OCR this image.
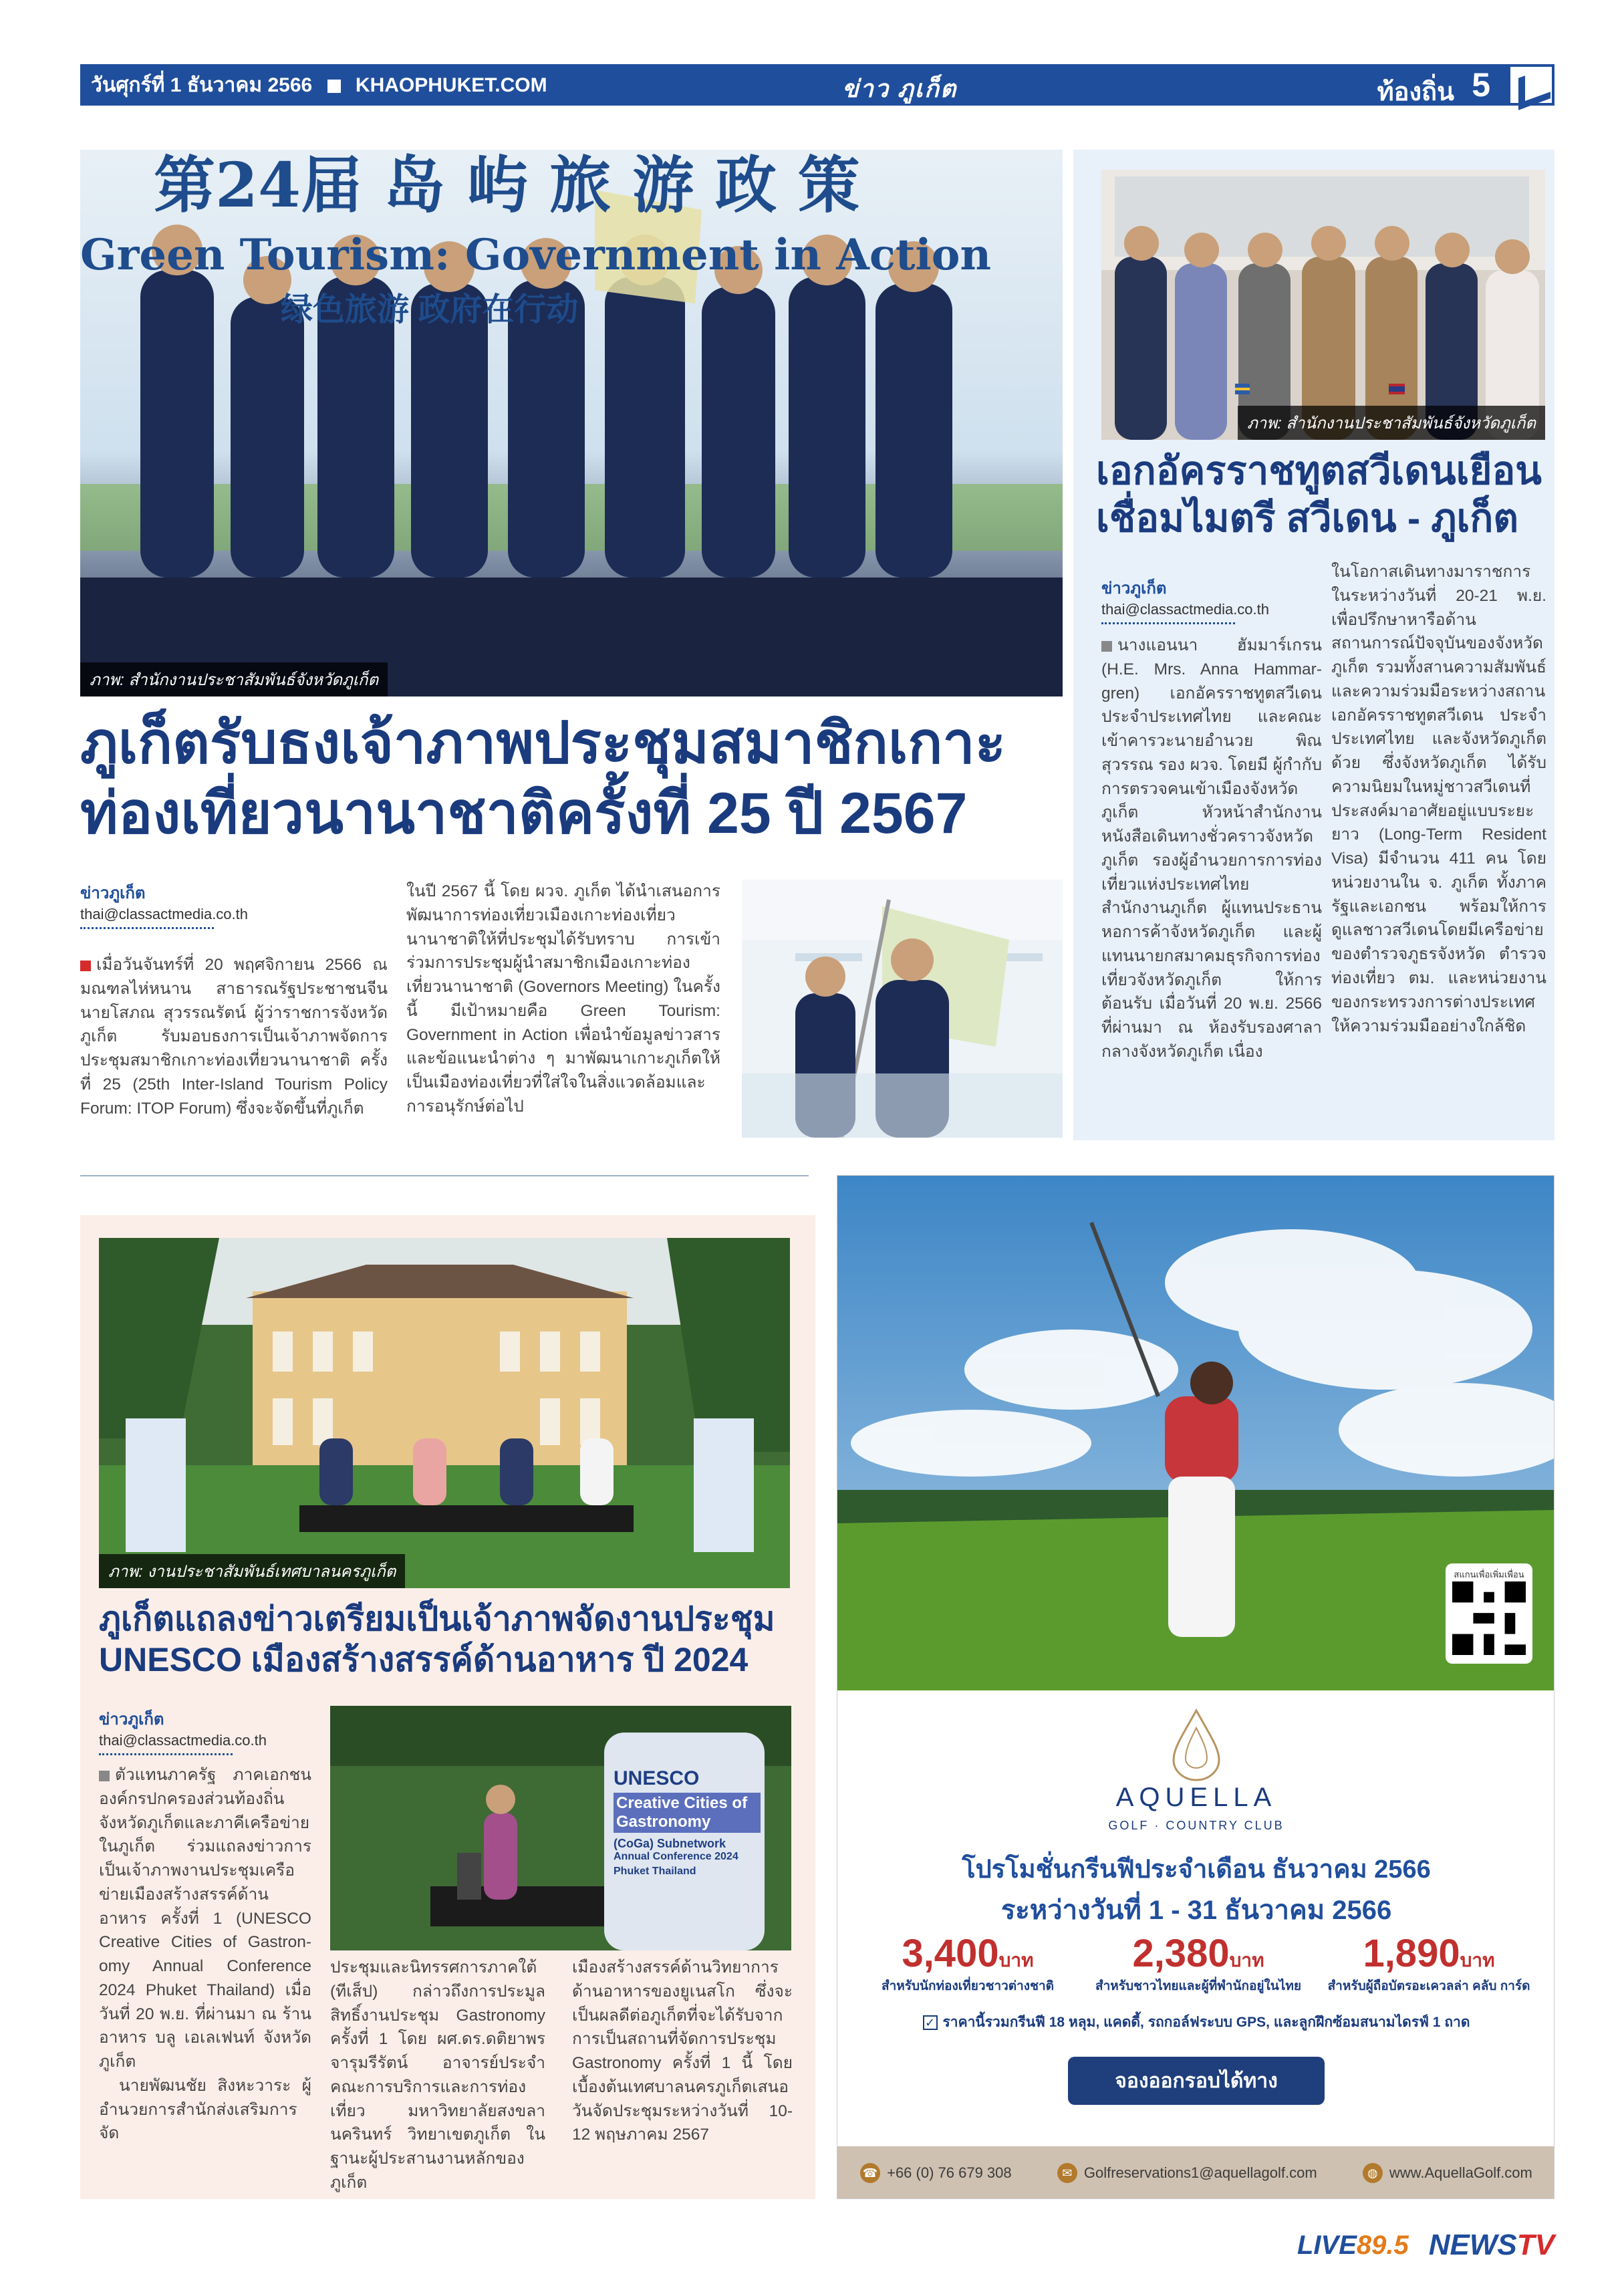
วันศุกร์ที่ 1 ธันวาคม 2566 KHAOPHUKET.COM	ข่าว ภูเก็ต	ท้องถิ่น 5
第24届 岛 屿 旅 游 政 策
Green Tourism: Government in Action
绿色旅游 政府在行动
ภาพ: สำนักงานประชาสัมพันธ์จังหวัดภูเก็ต
ภูเก็ตรับธงเจ้าภาพประชุมสมาชิกเกาะ
ท่องเที่ยวนานาชาติครั้งที่ 25 ปี 2567
ข่าวภูเก็ต
thai@classactmedia.co.th

เมื่อวันจันทร์ที่ 20 พฤศจิกายน 2566 ณ มณฑลไห่หนาน สาธารณรัฐประชาชนจีน นายโสภณ สุวรรณรัตน์ ผู้ว่าราชการจังหวัดภูเก็ต รับมอบธงการเป็นเจ้าภาพจัดการประชุมสมาชิกเกาะท่องเที่ยวนานาชาติ ครั้งที่ 25 (25th Inter-Island Tourism Policy Forum: ITOP Forum) ซึ่งจะจัดขึ้นที่ภูเก็ต

ในปี 2567 นี้ โดย ผวจ. ภูเก็ต ได้นำเสนอการพัฒนาการท่องเที่ยวเมืองเกาะท่องเที่ยวนานาชาติให้ที่ประชุมได้รับทราบ การเข้าร่วมการประชุมผู้นำสมาชิกเมืองเกาะท่องเที่ยวนานาชาติ (Governors Meeting) ในครั้งนี้ มีเป้าหมายคือ Green Tourism: Government in Action เพื่อนำข้อมูลข่าวสารและข้อแนะนำต่าง ๆ มาพัฒนาเกาะภูเก็ตให้เป็นเมืองท่องเที่ยวที่ใส่ใจในสิ่งแวดล้อมและการอนุรักษ์ต่อไป

ภาพ: สำนักงานประชาสัมพันธ์จังหวัดภูเก็ต
เอกอัครราชทูตสวีเดนเยือน
เชื่อมไมตรี สวีเดน - ภูเก็ต
ข่าวภูเก็ต
thai@classactmedia.co.th

นางแอนนา ฮัมมาร์เกรน (H.E. Mrs. Anna Hammar-gren) เอกอัครราชทูตสวีเดนประจำประเทศไทย และคณะ เข้าคารวะนายอำนวย พิณสุวรรณ รอง ผวจ. โดยมี ผู้กำกับการตรวจคนเข้าเมืองจังหวัดภูเก็ต หัวหน้าสำนักงานหนังสือเดินทางชั่วคราวจังหวัดภูเก็ต รองผู้อำนวยการการท่องเที่ยวแห่งประเทศไทย สำนักงานภูเก็ต ผู้แทนประธานหอการค้าจังหวัดภูเก็ต และผู้แทนนายกสมาคมธุรกิจการท่องเที่ยวจังหวัดภูเก็ต ให้การต้อนรับ เมื่อวันที่ 20 พ.ย. 2566 ที่ผ่านมา ณ ห้องรับรองศาลากลางจังหวัดภูเก็ต เนื่อง

ในโอกาสเดินทางมาราชการในระหว่างวันที่ 20-21 พ.ย. เพื่อปรึกษาหารือด้านสถานการณ์ปัจจุบันของจังหวัดภูเก็ต รวมทั้งสานความสัมพันธ์และความร่วมมือระหว่างสถานเอกอัครราชทูตสวีเดน ประจำประเทศไทย และจังหวัดภูเก็ตด้วย ซึ่งจังหวัดภูเก็ต ได้รับความนิยมในหมู่ชาวสวีเดนที่ประสงค์มาอาศัยอยู่แบบระยะยาว (Long-Term Resident Visa) มีจำนวน 411 คน โดยหน่วยงานใน จ. ภูเก็ต ทั้งภาครัฐและเอกชน พร้อมให้การดูแลชาวสวีเดนโดยมีเครือข่ายของตำรวจภูธรจังหวัด ตำรวจท่องเที่ยว ตม. และหน่วยงานของกระทรวงการต่างประเทศให้ความร่วมมืออย่างใกล้ชิด

ภาพ: งานประชาสัมพันธ์เทศบาลนครภูเก็ต
ภูเก็ตแถลงข่าวเตรียมเป็นเจ้าภาพจัดงานประชุม
UNESCO เมืองสร้างสรรค์ด้านอาหาร ปี 2024
ข่าวภูเก็ต
thai@classactmedia.co.th

ตัวแทนภาครัฐ ภาคเอกชน องค์กรปกครองส่วนท้องถิ่นจังหวัดภูเก็ตและภาคีเครือข่ายในภูเก็ต ร่วมแถลงข่าวการเป็นเจ้าภาพงานประชุมเครือข่ายเมืองสร้างสรรค์ด้านอาหาร ครั้งที่ 1 (UNESCO Creative Cities of Gastron-omy Annual Conference 2024 Phuket Thailand) เมื่อวันที่ 20 พ.ย. ที่ผ่านมา ณ ร้านอาหาร บลู เอเลเฟนท์ จังหวัดภูเก็ต

นายพัฒนชัย สิงหะวาระ ผู้อำนวยการสำนักส่งเสริมการจัด

UNESCO
Creative Cities of Gastronomy
(CoGa) Subnetwork
Annual Conference 2024
Phuket Thailand

ประชุมและนิทรรศการภาคใต้ (ทีเส็ป) กล่าวถึงการประมูลสิทธิ์งานประชุม Gastronomy ครั้งที่ 1 โดย ผศ.ดร.ดติยาพร จารุมรีรัตน์ อาจารย์ประจำคณะการบริการและการท่องเที่ยว มหาวิทยาลัยสงขลานครินทร์ วิทยาเขตภูเก็ต ในฐานะผู้ประสานงานหลักของภูเก็ต

เมืองสร้างสรรค์ด้านวิทยาการด้านอาหารของยูเนสโก ซึ่งจะเป็นผลดีต่อภูเก็ตที่จะได้รับจากการเป็นสถานที่จัดการประชุม Gastronomy ครั้งที่ 1 นี้ โดยเบื้องต้นเทศบาลนครภูเก็ตเสนอวันจัดประชุมระหว่างวันที่ 10-12 พฤษภาคม 2567

สแกนเพื่อเพิ่มเพื่อน
AQUELLA
GOLF · COUNTRY CLUB
โปรโมชั่นกรีนฟีประจำเดือน ธันวาคม 2566
ระหว่างวันที่ 1 - 31 ธันวาคม 2566
3,400บาท
สำหรับนักท่องเที่ยวชาวต่างชาติ
2,380บาท
สำหรับชาวไทยและผู้ที่พำนักอยู่ในไทย
1,890บาท
สำหรับผู้ถือบัตรอะเควลล่า คลับ การ์ด
✓ ราคานี้รวมกรีนฟี 18 หลุม, แคดดี้, รถกอล์ฟระบบ GPS, และลูกฝึกซ้อมสนามไดรฟ์ 1 ถาด
จองออกรอบได้ทาง
☎ +66 (0) 76 679 308	✉ Golfreservations1@aquellagolf.com	◍ www.AquellaGolf.com
LIVE89.5 NEWSTV
